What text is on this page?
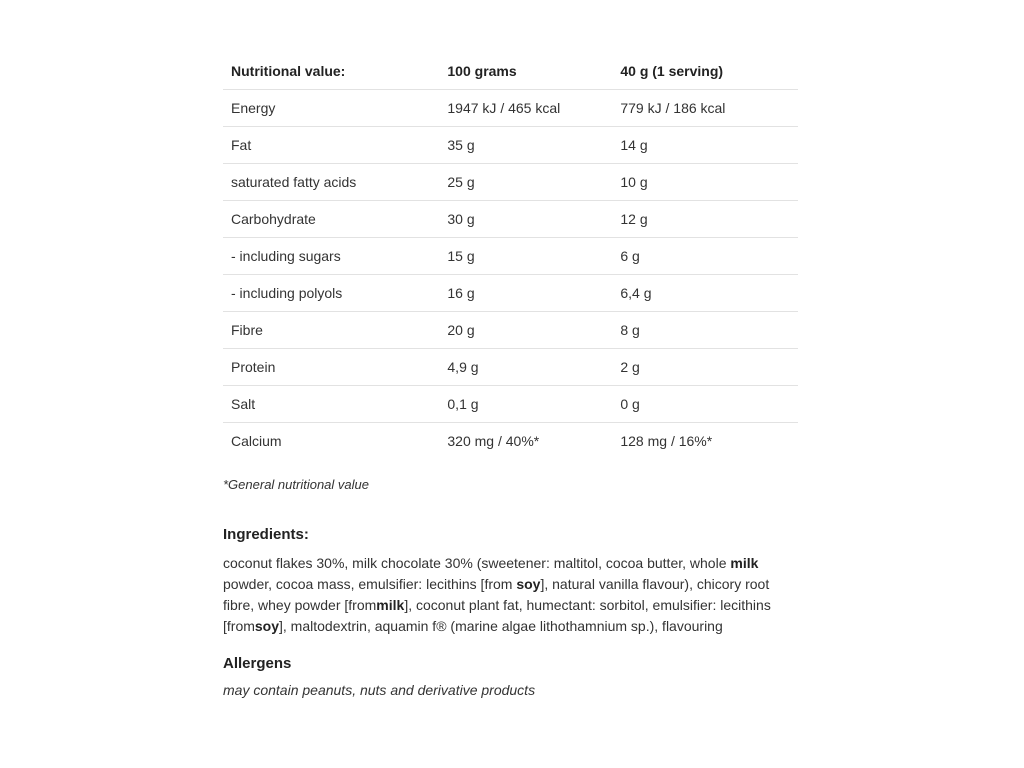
Nutritional value:	100 grams	40 g (1 serving)
Energy	1947 kJ / 465 kcal	779 kJ / 186 kcal
Fat	35 g	14 g
saturated fatty acids	25 g	10 g
Carbohydrate	30 g	12 g
- including sugars	15 g	6 g
- including polyols	16 g	6,4 g
Fibre	20 g	8 g
Protein	4,9 g	2 g
Salt	0,1 g	0 g
Calcium	320 mg / 40%*	128 mg / 16%*
*General nutritional value
Ingredients:
coconut flakes 30%, milk chocolate 30% (sweetener: maltitol, cocoa butter, whole milk powder, cocoa mass, emulsifier: lecithins [from soy], natural vanilla flavour), chicory root fibre, whey powder [frommilk], coconut plant fat, humectant: sorbitol, emulsifier: lecithins [fromsoy], maltodextrin, aquamin f® (marine algae lithothamnium sp.), flavouring
Allergens
may contain peanuts, nuts and derivative products
